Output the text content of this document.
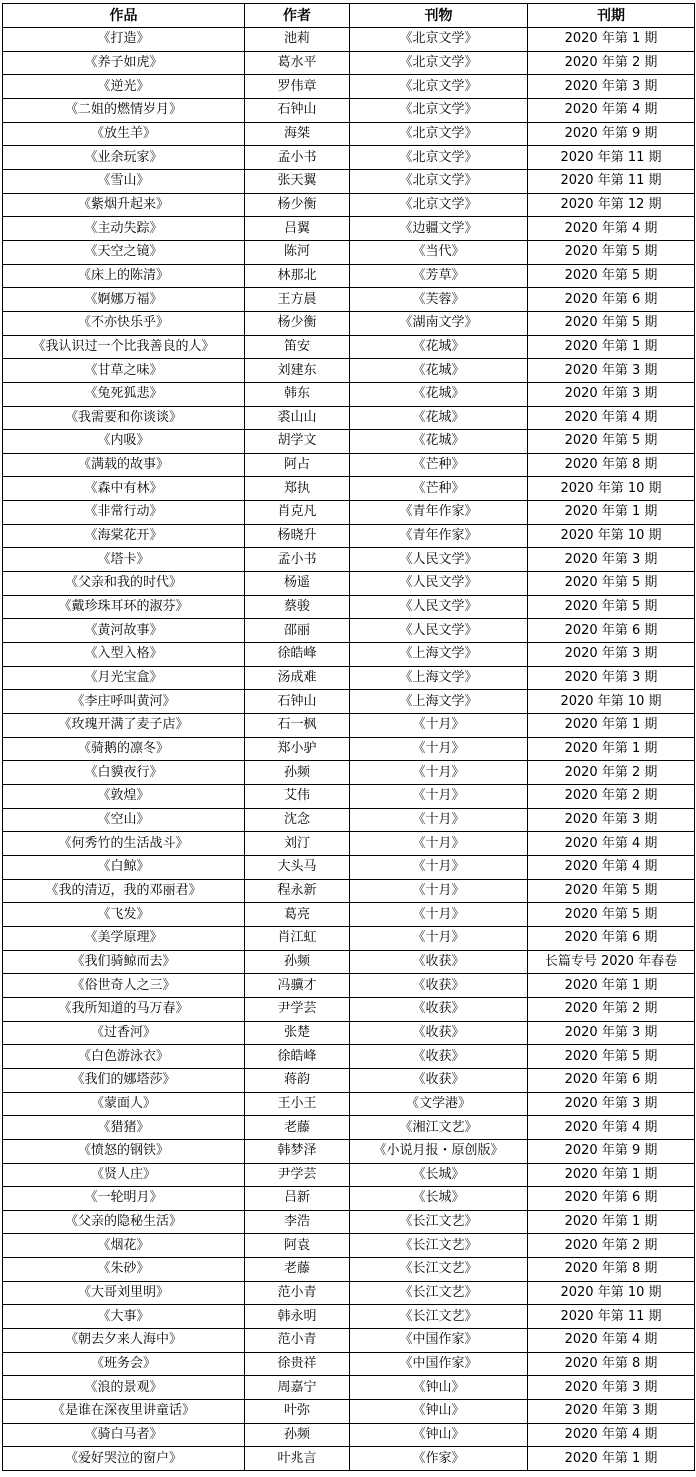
作品	作者	刊物	刊期
《打造》	池莉	《北京文学》	2020 年第 1 期
《养子如虎》	葛水平	《北京文学》	2020 年第 2 期
《逆光》	罗伟章	《北京文学》	2020 年第 3 期
《二姐的燃情岁月》	石钟山	《北京文学》	2020 年第 4 期
《放生羊》	海桀	《北京文学》	2020 年第 9 期
《业余玩家》	孟小书	《北京文学》	2020 年第 11 期
《雪山》	张天翼	《北京文学》	2020 年第 11 期
《紫烟升起来》	杨少衡	《北京文学》	2020 年第 12 期
《主动失踪》	吕翼	《边疆文学》	2020 年第 4 期
《天空之镜》	陈河	《当代》	2020 年第 5 期
《床上的陈清》	林那北	《芳草》	2020 年第 5 期
《婀娜万福》	王方晨	《芙蓉》	2020 年第 6 期
《不亦快乐乎》	杨少衡	《湖南文学》	2020 年第 5 期
《我认识过一个比我善良的人》	笛安	《花城》	2020 年第 1 期
《甘草之味》	刘建东	《花城》	2020 年第 3 期
《兔死狐悲》	韩东	《花城》	2020 年第 3 期
《我需要和你谈谈》	裘山山	《花城》	2020 年第 4 期
《内吸》	胡学文	《花城》	2020 年第 5 期
《满载的故事》	阿占	《芒种》	2020 年第 8 期
《森中有林》	郑执	《芒种》	2020 年第 10 期
《非常行动》	肖克凡	《青年作家》	2020 年第 1 期
《海棠花开》	杨晓升	《青年作家》	2020 年第 10 期
《塔卡》	孟小书	《人民文学》	2020 年第 3 期
《父亲和我的时代》	杨遥	《人民文学》	2020 年第 5 期
《戴珍珠耳环的淑芬》	蔡骏	《人民文学》	2020 年第 5 期
《黄河故事》	邵丽	《人民文学》	2020 年第 6 期
《入型入格》	徐皓峰	《上海文学》	2020 年第 3 期
《月光宝盒》	汤成难	《上海文学》	2020 年第 3 期
《李庄呼叫黄河》	石钟山	《上海文学》	2020 年第 10 期
《玫瑰开满了麦子店》	石一枫	《十月》	2020 年第 1 期
《骑鹅的凛冬》	郑小驴	《十月》	2020 年第 1 期
《白貘夜行》	孙频	《十月》	2020 年第 2 期
《敦煌》	艾伟	《十月》	2020 年第 2 期
《空山》	沈念	《十月》	2020 年第 3 期
《何秀竹的生活战斗》	刘汀	《十月》	2020 年第 4 期
《白鲸》	大头马	《十月》	2020 年第 4 期
《我的清迈，我的邓丽君》	程永新	《十月》	2020 年第 5 期
《飞发》	葛亮	《十月》	2020 年第 5 期
《美学原理》	肖江虹	《十月》	2020 年第 6 期
《我们骑鲸而去》	孙频	《收获》	长篇专号 2020 年春卷
《俗世奇人之三》	冯骥才	《收获》	2020 年第 1 期
《我所知道的马万春》	尹学芸	《收获》	2020 年第 2 期
《过香河》	张楚	《收获》	2020 年第 3 期
《白色游泳衣》	徐皓峰	《收获》	2020 年第 5 期
《我们的娜塔莎》	蒋韵	《收获》	2020 年第 6 期
《蒙面人》	王小王	《文学港》	2020 年第 3 期
《猎猪》	老藤	《湘江文艺》	2020 年第 4 期
《愤怒的钢铁》	韩梦泽	《小说月报・原创版》	2020 年第 9 期
《贤人庄》	尹学芸	《长城》	2020 年第 1 期
《一轮明月》	吕新	《长城》	2020 年第 6 期
《父亲的隐秘生活》	李浩	《长江文艺》	2020 年第 1 期
《烟花》	阿袁	《长江文艺》	2020 年第 2 期
《朱砂》	老藤	《长江文艺》	2020 年第 8 期
《大哥刘里明》	范小青	《长江文艺》	2020 年第 10 期
《大事》	韩永明	《长江文艺》	2020 年第 11 期
《朝去夕来人海中》	范小青	《中国作家》	2020 年第 4 期
《班务会》	徐贵祥	《中国作家》	2020 年第 8 期
《浪的景观》	周嘉宁	《钟山》	2020 年第 3 期
《是谁在深夜里讲童话》	叶弥	《钟山》	2020 年第 3 期
《骑白马者》	孙频	《钟山》	2020 年第 4 期
《爱好哭泣的窗户》	叶兆言	《作家》	2020 年第 1 期
